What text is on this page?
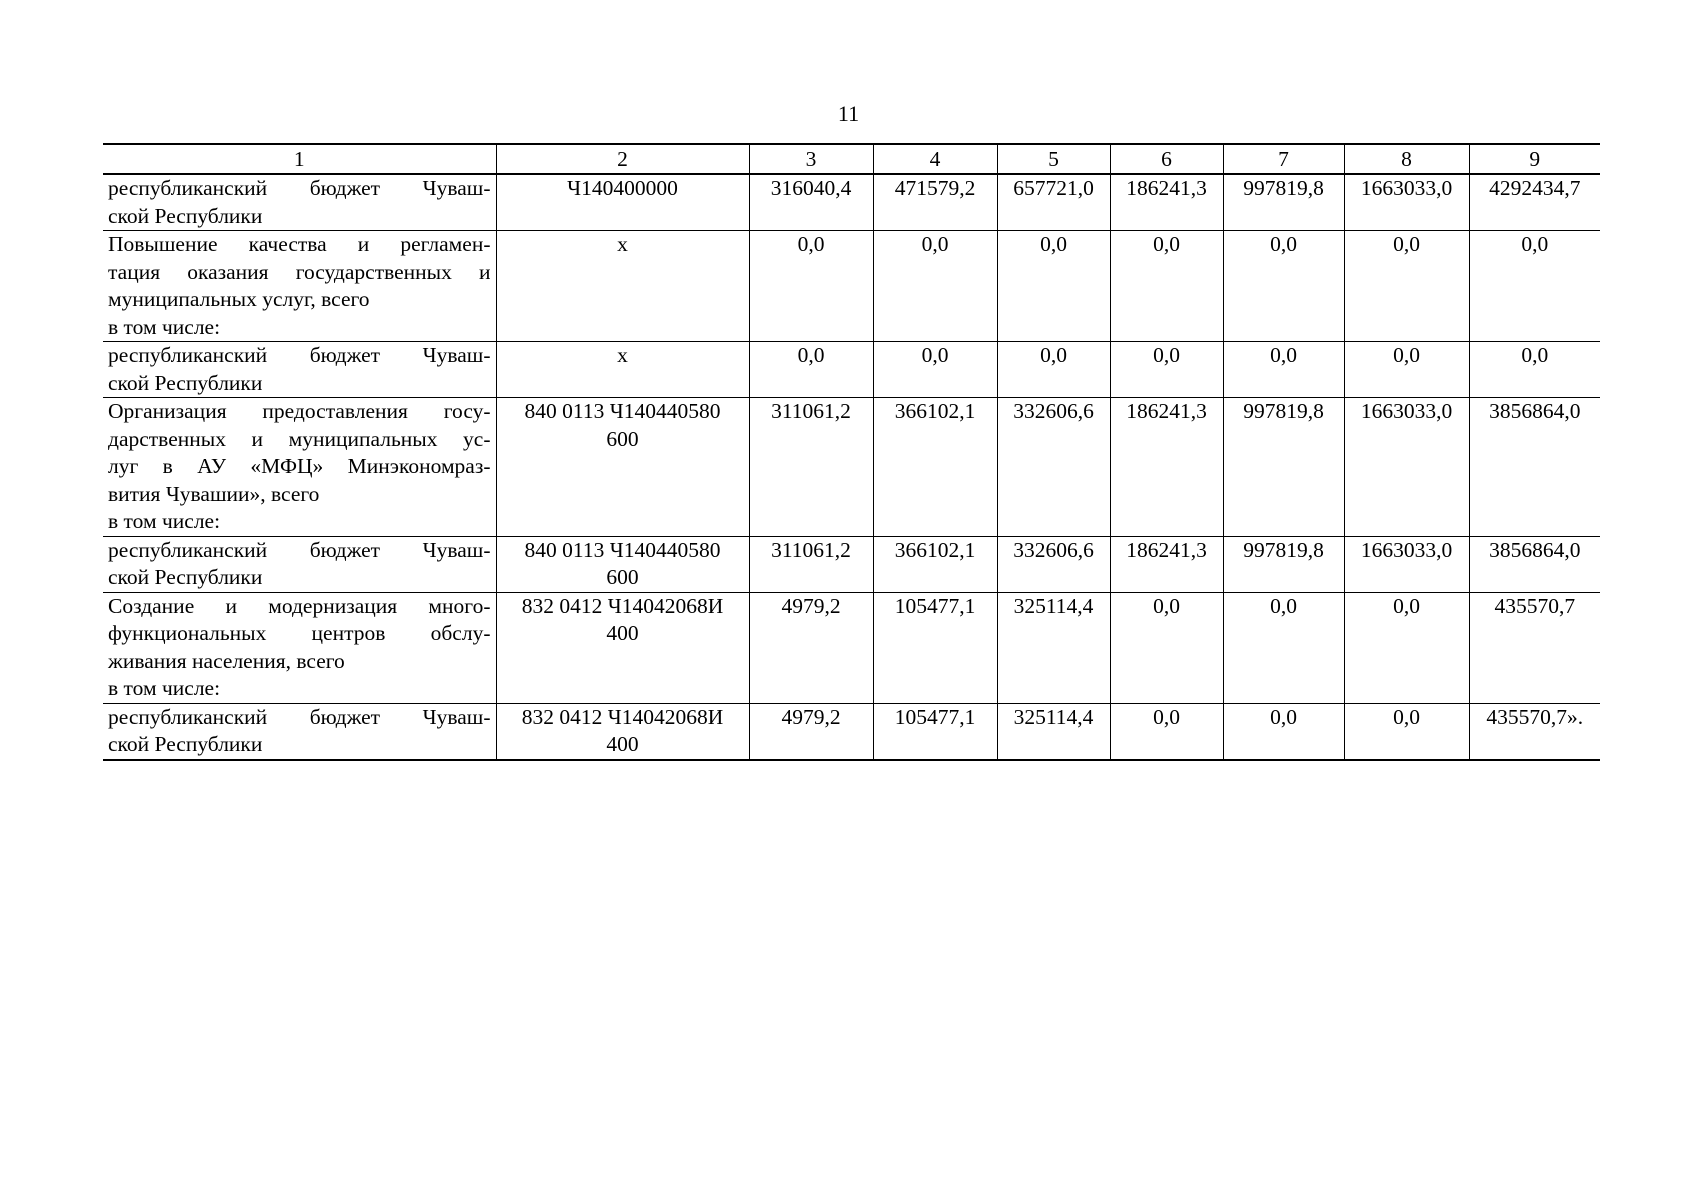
11
1	2	3	4	5	6	7	8	9

республиканский бюджет Чуваш-
ской Республики	Ч140400000	316040,4	471579,2	657721,0	186241,3	997819,8	1663033,0	4292434,7

Повышение качества и регламен-
тация оказания государственных и
муниципальных услуг, всего
в том числе:	х	0,0	0,0	0,0	0,0	0,0	0,0	0,0

республиканский бюджет Чуваш-
ской Республики	х	0,0	0,0	0,0	0,0	0,0	0,0	0,0

Организация предоставления госу-
дарственных и муниципальных ус-
луг в АУ «МФЦ» Минэкономраз-
вития Чувашии», всего
в том числе:	840 0113 Ч140440580
600	311061,2	366102,1	332606,6	186241,3	997819,8	1663033,0	3856864,0

республиканский бюджет Чуваш-
ской Республики	840 0113 Ч140440580
600	311061,2	366102,1	332606,6	186241,3	997819,8	1663033,0	3856864,0

Создание и модернизация много-
функциональных центров обслу-
живания населения, всего
в том числе:	832 0412 Ч14042068И
400	4979,2	105477,1	325114,4	0,0	0,0	0,0	435570,7

республиканский бюджет Чуваш-
ской Республики	832 0412 Ч14042068И
400	4979,2	105477,1	325114,4	0,0	0,0	0,0	435570,7».
